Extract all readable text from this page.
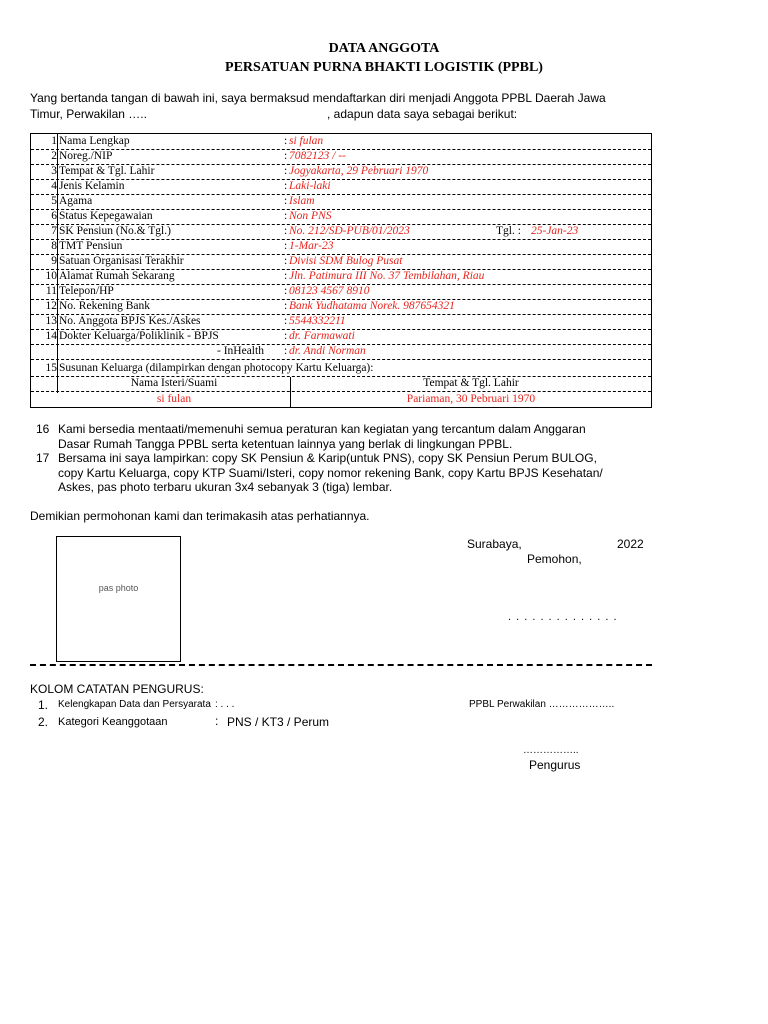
DATA ANGGOTA
PERSATUAN PURNA BHAKTI LOGISTIK (PPBL)
Yang bertanda tangan di bawah ini, saya bermaksud mendaftarkan diri menjadi Anggota PPBL Daerah Jawa
Timur, Perwakilan …..	, adapun data saya sebagai berikut:
1 Nama Lengkap	: si fulan
2 Noreg./NIP	: 7082123 / --
3 Tempat & Tgl. Lahir	: Jogyakarta, 29 Pebruari 1970
4 Jenis Kelamin	: Laki-laki
5 Agama	: Islam
6 Status Kepegawaian	: Non PNS
7 SK Pensiun (No.& Tgl.)	: No. 212/SD-PUB/01/2023	Tgl. : 25-Jan-23
8 TMT Pensiun	: 1-Mar-23
9 Satuan Organisasi Terakhir	: Divisi SDM Bulog Pusat
10 Alamat Rumah Sekarang	: Jln. Patimura III No. 37 Tembilahan, Riau
11 Telepon/HP	: 08123 4567 8910
12 No. Rekening Bank	: Bank Yudhatama Norek. 987654321
13 No. Anggota BPJS Kes./Askes	: 5544332211
14 Dokter Keluarga/Poliklinik - BPJS	: dr. Farmawati
- InHealth : dr. Andi Norman
15 Susunan Keluarga (dilampirkan dengan photocopy Kartu Keluarga):
Nama Isteri/Suami	Tempat & Tgl. Lahir
si fulan	Pariaman, 30 Pebruari 1970
16 Kami bersedia mentaati/memenuhi semua peraturan kan kegiatan yang tercantum dalam Anggaran
Dasar Rumah Tangga PPBL serta ketentuan lainnya yang berlak di lingkungan PPBL.
17 Bersama ini saya lampirkan: copy SK Pensiun & Karip(untuk PNS), copy SK Pensiun Perum BULOG,
copy Kartu Keluarga, copy KTP Suami/Isteri, copy nomor rekening Bank, copy Kartu BPJS Kesehatan/
Askes, pas photo terbaru ukuran 3x4 sebanyak 3 (tiga) lembar.
Demikian permohonan kami dan terimakasih atas perhatiannya.
pas photo
Surabaya,	2022
Pemohon,
. . . . . . . . . . . . . .
KOLOM CATATAN PENGURUS:
1. Kelengkapan Data dan Persyarata : . . .	PPBL Perwakilan ………………..
2. Kategori Keanggotaan	: PNS / KT3 / Perum
……………..
Pengurus
